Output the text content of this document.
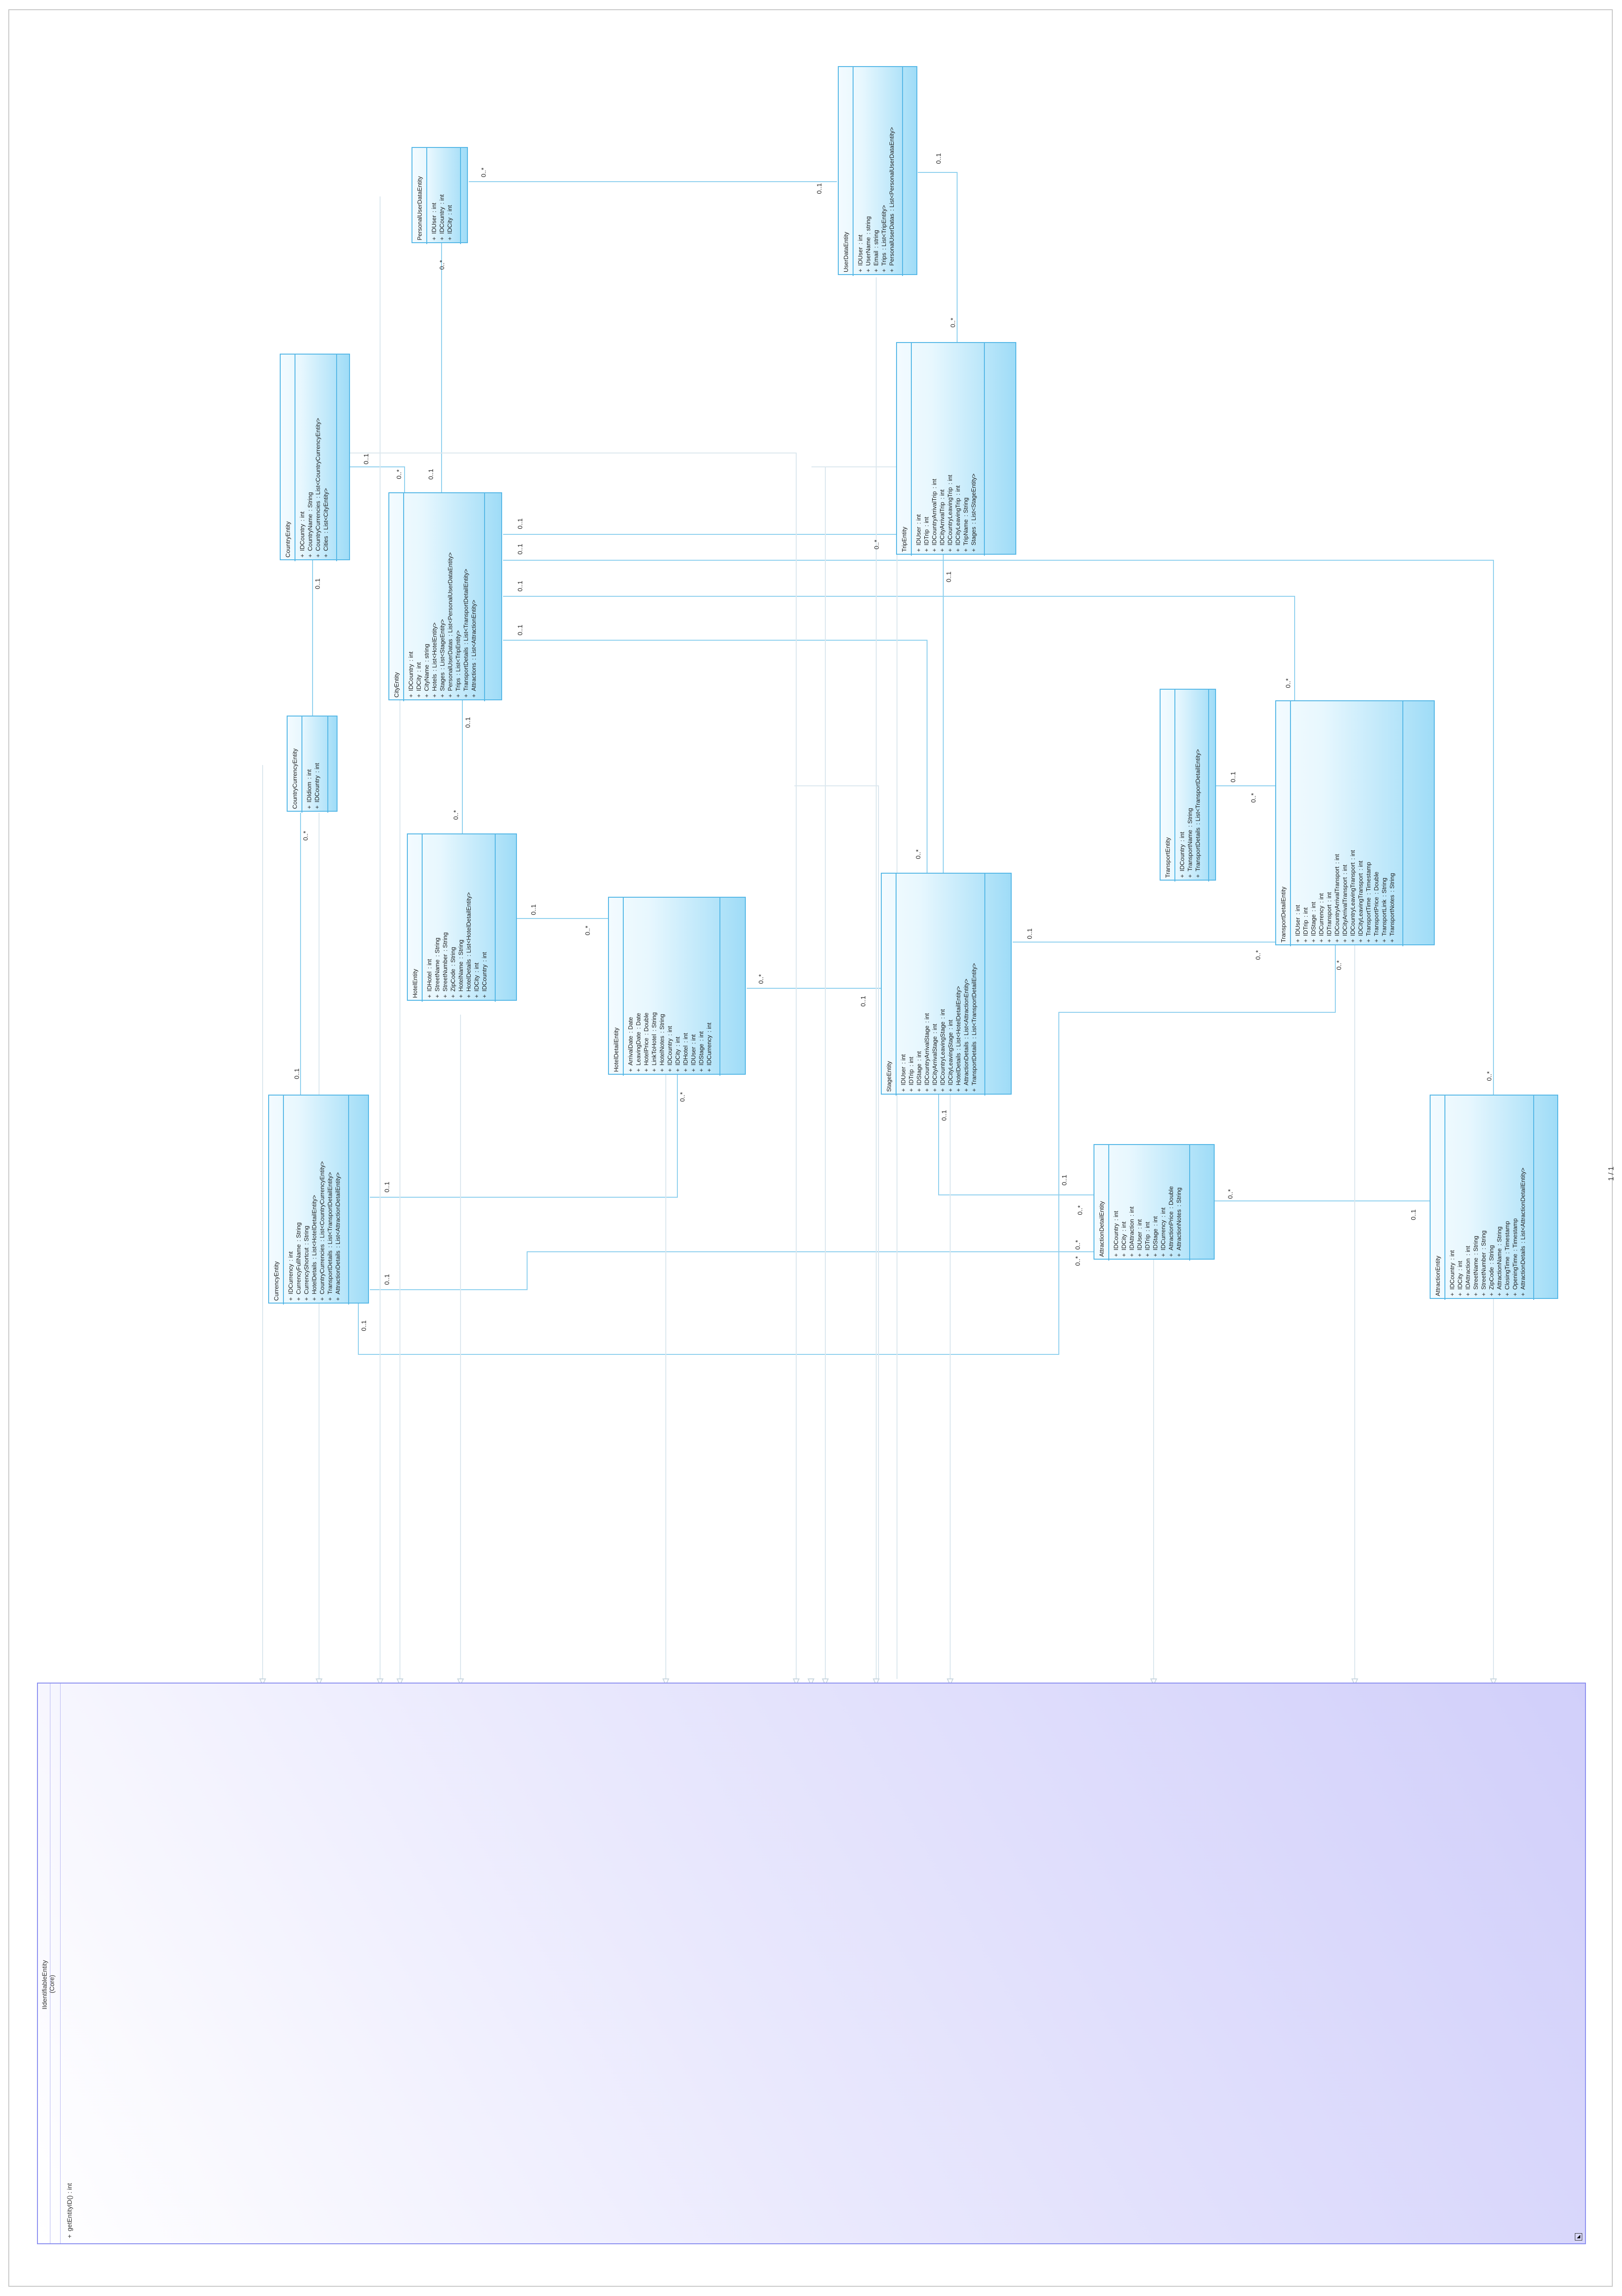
UserDataEntity	+
IDUser
: int
+
UserName
: string
+
Email
: string
+
Trips
: List<TripEntity>
+
PersonalUserDatas
: List<PersonalUserDataEntity>
PersonalUserDataEntity	+
IDUser
: int
+
IDCountry
: int
+
IDCity
: int
CountryEntity	+
IDCountry
: int
+
CountryName
: String
+
CountryCurrencies
: List<CountryCurrencyEntity>
+
Cities
: List<CityEntity>
CityEntity	+
IDCountry
: int
+
IDCity
: int
+
CityName
: string
+
Hotels
: List<HotelEntity>
+
Stages
: List<StageEntity>
+
PersonalUserDatas
: List<PersonalUserDataEntity>
+
Trips
: List<TripEntity>
+
TransportDetails
: List<TransportDetailEntity>
+
Attractions
: List<AttractionEntity>
TripEntity	+
IDUser
: int
+
IDTrip
: int
+
IDCountryArrivalTrip
: int
+
IDCityArrivalTrip
: int
+
IDCountryLeavingTrip
: int
+
IDCityLeavingTrip
: int
+
TripName
: String
+
Stages
: List<StageEntity>
CountryCurrencyEntity	+
IDIdiom
: int
+
IDCountry
: int
HotelEntity	+
IDHotel
: int
+
StreetName
: String
+
StreetNumber
: String
+
ZipCode
: String
+
HotelName
: String
+
HotelDetails
: List<HotelDetailEntity>
+
IDCity
: int
+
IDCountry
: int
HotelDetailEntity	+
ArrivalDate
: Date
+
LeavingDate
: Date
+
HotelPrice
: Double
+
LinkToHotel
: String
+
HotelNotes
: String
+
IDCountry
: int
+
IDCity
: int
+
IDHotel
: int
+
IDUser
: int
+
IDStage
: int
+
IDCurrency
: int
StageEntity	+
IDUser
: int
+
IDTrip
: int
+
IDStage
: int
+
IDCountryArrivalStage
: int
+
IDCityArrivalStage
: int
+
IDCountryLeavingStage
: int
+
IDCityLeavingStage
: int
+
HotelDetails
: List<HotelDetailEntity>
+
AttractionDetails
: List<AttractionEntity>
+
TransportDetails
: List<TransportDetailEntity>
TransportEntity	+
IDCountry
: int
+
TransportName
: String
+
TransportDetails
: List<TransportDetailEntity>
TransportDetailEntity	+
IDUser
: int
+
IDTrip
: int
+
IDStage
: int
+
IDCurrency
: int
+
IDTransport
: int
+
IDCountryArrivalTransport
: int
+
IDCityArrivalTransport
: int
+
IDCountryLeavingTransport
: int
+
IDCityLeavingTransport
: int
+
TransportTime
: Timestamp
+
TransportPrice
: Double
+
TransportLink
: String
+
TransportNotes
: String
CurrencyEntity	+
IDCurrency
: int
+
CurrencyFullName
: String
+
CurrencyShortcut
: String
+
HotelDetails
: List<HotelDetailEntity>
+
CountryCurrencies
: List<CountryCurrencyEntity>
+
TransportDetails
: List<TransportDetailEntity>
+
AttractionDetails
: List<AttractionDetailEntity>	AttractionDetailEntity	+
IDCountry
: int
+
IDCity
: int
+
IDAttraction
: int
+
IDUser
: int
+
IDTrip
: int
+
IDStage
: int
+
IDCurrency
: int
+
AttractionPrice
: Double
+
AttractionNotes
: String
AttractionEntity	+
IDCountry
: int
+
IDCity
: int
+
IDAttraction
: int
+
StreetName
: String
+
StreetNumber
: String
+
ZipCode
: String
+
AttractionName
: String
+
ClosingTime
: Timestamp
+
OpeningTime
: Timestamp
+
AttractionDetails
: List<AttractionDetailEntity>
0..*
0..1
0..*
0..1
0..1
0..*
0..1
0..*
0..1
0..1
0..*
0..1
0..*
0..1
0..*
0..1
0..1
0..*
0..1
0..1
0..*
0..*
0..1
0..*
0..1
0..*
0..1
0..*
0..1
0..*
0..1
0..*
0..1
0..*
0..1
0..1
0..*
0..*
0..1
0..*
0..1
0..*
IIdentifiableEntity (Core)
+
getEntityID() : int
◢
1 / 1
